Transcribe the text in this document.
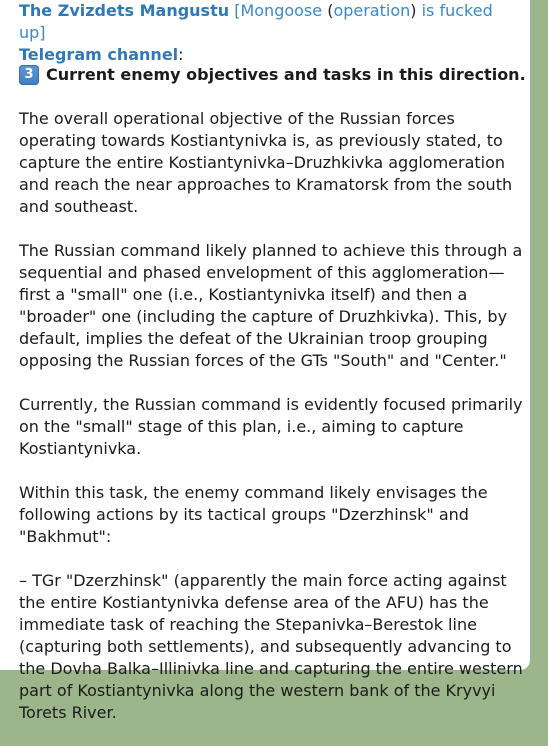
The Zvizdets Mangustu [Mongoose (operation) is fucked up]
Telegram channel:
3 Current enemy objectives and tasks in this direction.

The overall operational objective of the Russian forces operating towards Kostiantynivka is, as previously stated, to capture the entire Kostiantynivka–Druzhkivka agglomeration and reach the near approaches to Kramatorsk from the south and southeast.

The Russian command likely planned to achieve this through a sequential and phased envelopment of this agglomeration—first a "small" one (i.e., Kostiantynivka itself) and then a "broader" one (including the capture of Druzhkivka). This, by default, implies the defeat of the Ukrainian troop grouping opposing the Russian forces of the GTs "South" and "Center."

Currently, the Russian command is evidently focused primarily on the "small" stage of this plan, i.e., aiming to capture Kostiantynivka.

Within this task, the enemy command likely envisages the following actions by its tactical groups "Dzerzhinsk" and "Bakhmut":

– TGr "Dzerzhinsk" (apparently the main force acting against the entire Kostiantynivka defense area of the AFU) has the immediate task of reaching the Stepanivka–Berestok line (capturing both settlements), and subsequently advancing to the Dovha Balka–Illinivka line and capturing the entire western part of Kostiantynivka along the western bank of the Kryvyi Torets River.
